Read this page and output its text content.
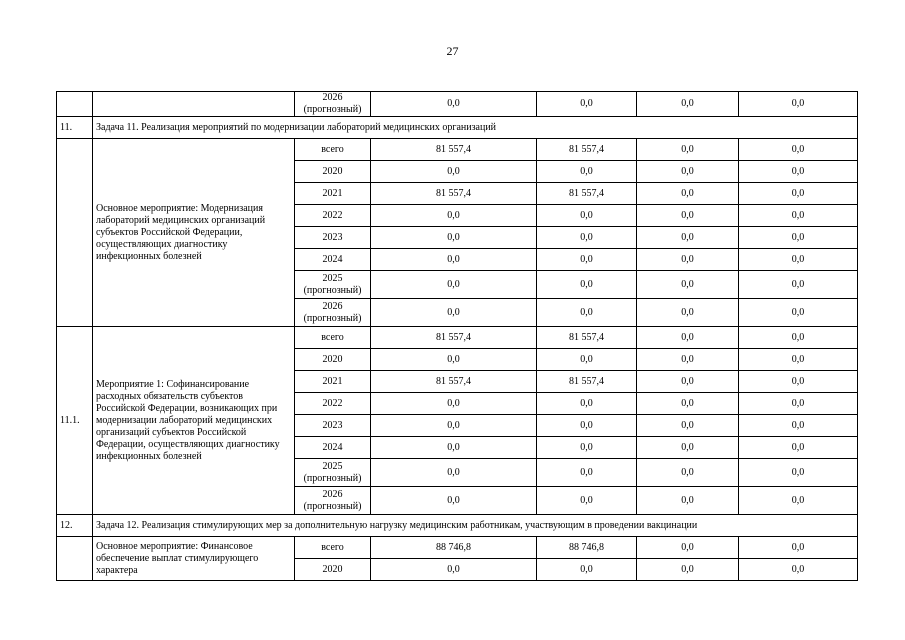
27
		2026
(прогнозный)	0,0	0,0	0,0	0,0
11.	Задача 11. Реализация мероприятий по модернизации лабораторий медицинских организаций					
	Основное мероприятие: Модернизация лабораторий медицинских организаций субъектов Российской Федерации, осуществляющих диагностику инфекционных болезней	всего	81 557,4	81 557,4	0,0	0,0
		2020	0,0	0,0	0,0	0,0
		2021	81 557,4	81 557,4	0,0	0,0
		2022	0,0	0,0	0,0	0,0
		2023	0,0	0,0	0,0	0,0
		2024	0,0	0,0	0,0	0,0
		2025
(прогнозный)	0,0	0,0	0,0	0,0
		2026
(прогнозный)	0,0	0,0	0,0	0,0
11.1.	Мероприятие 1: Софинансирование расходных обязательств субъектов Российской Федерации, возникающих при модернизации лабораторий медицинских организаций субъектов Российской Федерации, осуществляющих диагностику инфекционных болезней	всего	81 557,4	81 557,4	0,0	0,0
		2020	0,0	0,0	0,0	0,0
		2021	81 557,4	81 557,4	0,0	0,0
		2022	0,0	0,0	0,0	0,0
		2023	0,0	0,0	0,0	0,0
		2024	0,0	0,0	0,0	0,0
		2025
(прогнозный)	0,0	0,0	0,0	0,0
		2026
(прогнозный)	0,0	0,0	0,0	0,0
12.	Задача 12. Реализация стимулирующих мер за дополнительную нагрузку медицинским работникам, участвующим в проведении вакцинации					
	Основное мероприятие: Финансовое обеспечение выплат стимулирующего характера	всего	88 746,8	88 746,8	0,0	0,0
		2020	0,0	0,0	0,0	0,0
